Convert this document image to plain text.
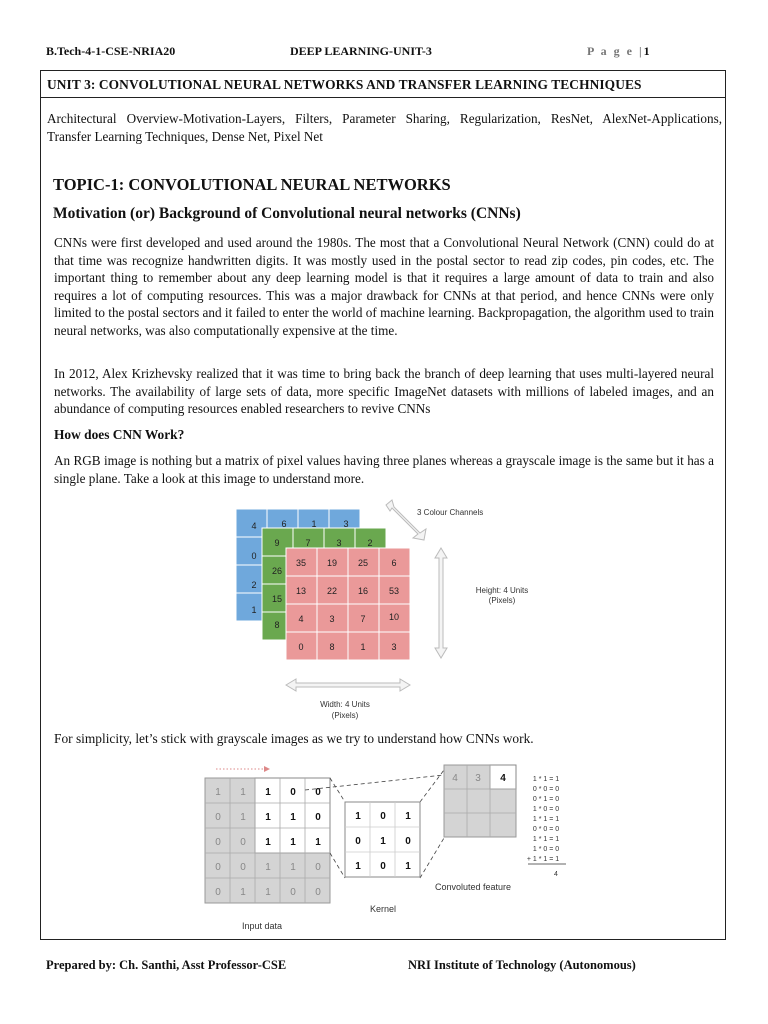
B.Tech-4-1-CSE-NRIA20	DEEP LEARNING-UNIT-3	P a g e |1
UNIT 3: CONVOLUTIONAL NEURAL NETWORKS AND TRANSFER LEARNING TECHNIQUES

Architectural Overview-Motivation-Layers, Filters, Parameter Sharing, Regularization, ResNet, AlexNet-Applications, Transfer Learning Techniques, Dense Net, Pixel Net

TOPIC-1: CONVOLUTIONAL NEURAL NETWORKS
Motivation (or) Background of Convolutional neural networks (CNNs)

CNNs were first developed and used around the 1980s. The most that a Convolutional Neural Network (CNN) could do at that time was recognize handwritten digits. It was mostly used in the postal sector to read zip codes, pin codes, etc. The important thing to remember about any deep learning model is that it requires a large amount of data to train and also requires a lot of computing resources. This was a major drawback for CNNs at that period, and hence CNNs were only limited to the postal sectors and it failed to enter the world of machine learning. Backpropagation, the algorithm used to train neural networks, was also computationally expensive at the time.

In 2012, Alex Krizhevsky realized that it was time to bring back the branch of deep learning that uses multi-layered neural networks. The availability of large sets of data, more specific ImageNet datasets with millions of labeled images, and an abundance of computing resources enabled researchers to revive CNNs

How does CNN Work?

An RGB image is nothing but a matrix of pixel values having three planes whereas a grayscale image is the same but it has a single plane. Take a look at this image to understand more.

4	6	1	3
0
2
1
9	7	3	2
26
15
8
35 19 25	6
13 22 16 53
4	3	7	10
0	8	1	3
3 Colour Channels
Height: 4 Units
(Pixels)
Width: 4 Units
(Pixels)
For simplicity, let’s stick with grayscale images as we try to understand how CNNs work.
1 1 1 0 0
0 1 1 1 0
0 0 1 1 1
0 0 1 1 0
0 1 1 0 0
1 0 1
0 1 0
1 0 1
4 3 4	1 * 1 = 1
0 * 0 = 0
0 * 1 = 0
1 * 0 = 0
1 * 1 = 1
0 * 0 = 0
1 * 1 = 1
1 * 0 = 0
+ 1 * 1 = 1
4
Convoluted feature
Kernel
Input data
Prepared by: Ch. Santhi, Asst Professor-CSE	NRI Institute of Technology (Autonomous)
